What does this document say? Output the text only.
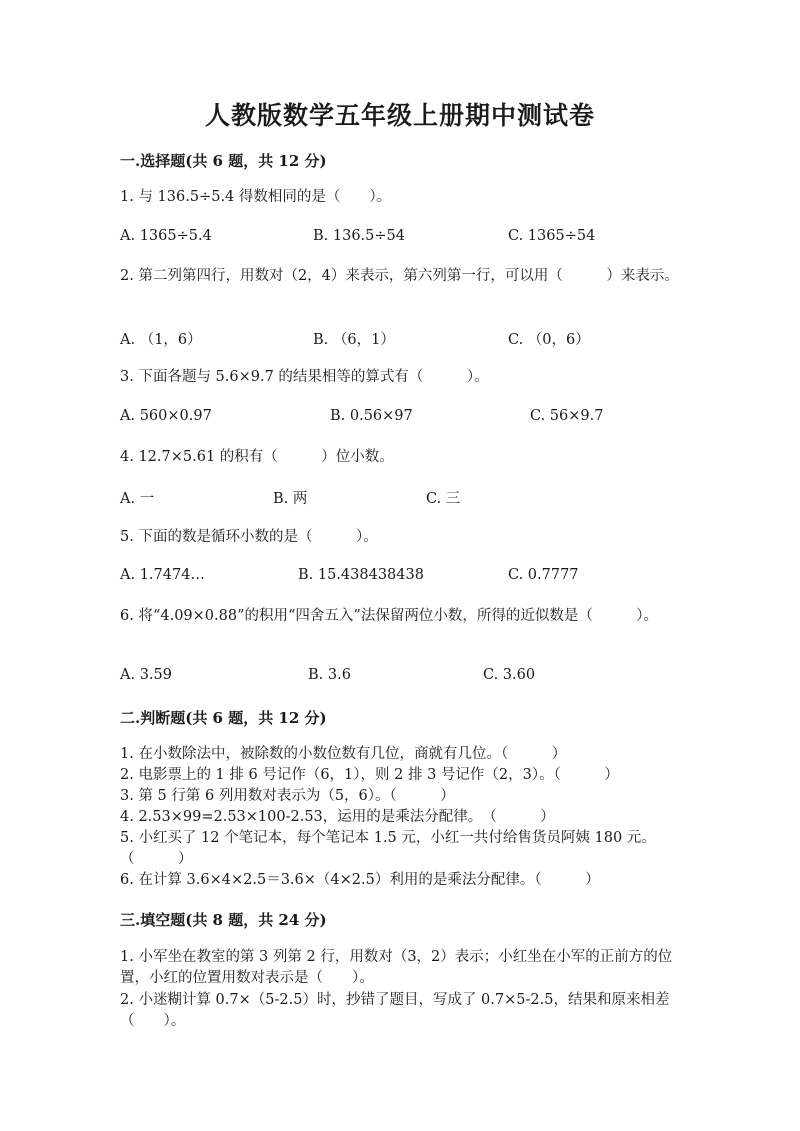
人教版数学五年级上册期中测试卷
一.选择题(共 6 题，共 12 分)
1. 与 136.5÷5.4 得数相同的是（　　）。
A. 1365÷5.4	B. 136.5÷54	C. 1365÷54
2. 第二列第四行，用数对（2，4）来表示，第六列第一行，可以用（　　　）来表示。
A. （1，6）	B. （6，1）	C. （0，6）
3. 下面各题与 5.6×9.7 的结果相等的算式有（　　　）。
A. 560×0.97	B. 0.56×97	C. 56×9.7
4. 12.7×5.61 的积有（　　　）位小数。
A. 一	B. 两	C. 三
5. 下面的数是循环小数的是（　　　）。
A. 1.7474…	B. 15.438438438	C. 0.7777
6. 将“4.09×0.88”的积用“四舍五入”法保留两位小数，所得的近似数是（　　　）。
A. 3.59	B. 3.6	C. 3.60
二.判断题(共 6 题，共 12 分)
1. 在小数除法中，被除数的小数位数有几位，商就有几位。（　　　）
2. 电影票上的 1 排 6 号记作（6，1），则 2 排 3 号记作（2，3）。（　　　）
3. 第 5 行第 6 列用数对表示为（5，6）。（　　　）
4. 2.53×99=2.53×100-2.53，运用的是乘法分配律。　（　　　）
5. 小红买了 12 个笔记本，每个笔记本 1.5 元，小红一共付给售货员阿姨 180 元。（　　　）
6. 在计算 3.6×4×2.5＝3.6×（4×2.5）利用的是乘法分配律。（　　　）
三.填空题(共 8 题，共 24 分)
1. 小军坐在教室的第 3 列第 2 行，用数对（3，2）表示；小红坐在小军的正前方的位置，小红的位置用数对表示是（　　）。
2. 小迷糊计算 0.7×（5-2.5）时，抄错了题目，写成了 0.7×5-2.5，结果和原来相差（　　）。
